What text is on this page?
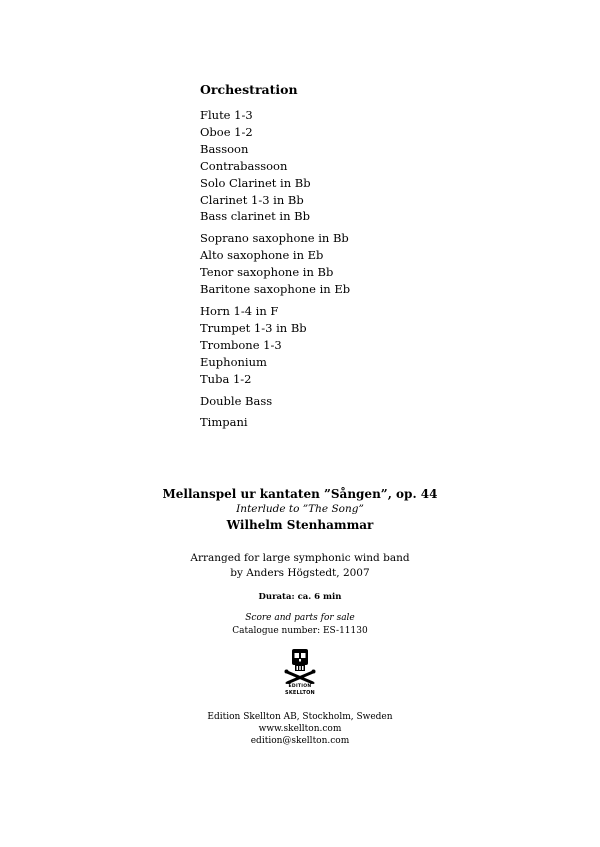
Orchestration
Flute 1-3
Oboe 1-2
Bassoon
Contrabassoon
Solo Clarinet in Bb
Clarinet 1-3 in Bb
Bass clarinet in Bb
Soprano saxophone in Bb
Alto saxophone in Eb
Tenor saxophone in Bb
Baritone saxophone in Eb
Horn 1-4 in F
Trumpet 1-3 in Bb
Trombone 1-3
Euphonium
Tuba 1-2
Double Bass
Timpani
Mellanspel ur kantaten ”Sången”, op. 44
Interlude to ”The Song”
Wilhelm Stenhammar
Arranged for large symphonic wind band
by Anders Högstedt, 2007
Durata: ca. 6 min
Score and parts for sale
Catalogue number: ES-11130
EDITION
SKELLTON
Edition Skellton AB, Stockholm, Sweden
www.skellton.com
edition@skellton.com
